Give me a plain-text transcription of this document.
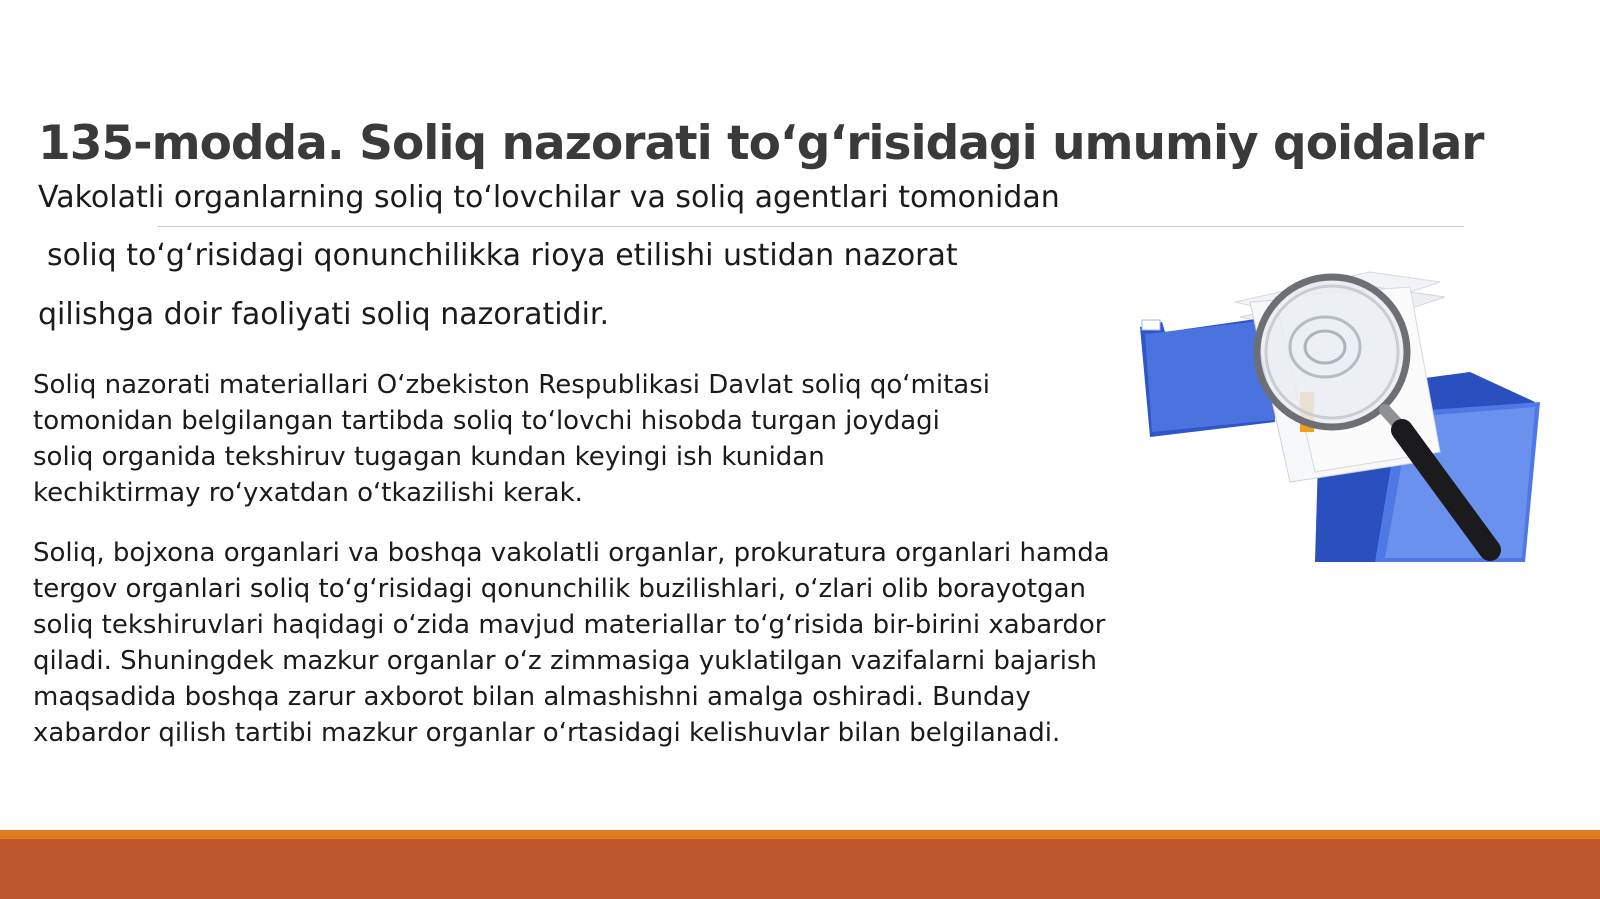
135-modda. Soliq nazorati to‘g‘risidagi umumiy qoidalar

Vakolatli organlarning soliq to‘lovchilar va soliq agentlari tomonidan

soliq to‘g‘risidagi qonunchilikka rioya etilishi ustidan nazorat

qilishga doir faoliyati soliq nazoratidir.

Soliq nazorati materiallari O‘zbekiston Respublikasi Davlat soliq qo‘mitasi
tomonidan belgilangan tartibda soliq to‘lovchi hisobda turgan joydagi
soliq organida tekshiruv tugagan kundan keyingi ish kunidan
kechiktirmay ro‘yxatdan o‘tkazilishi kerak.

Soliq, bojxona organlari va boshqa vakolatli organlar, prokuratura organlari hamda
tergov organlari soliq to‘g‘risidagi qonunchilik buzilishlari, o‘zlari olib borayotgan
soliq tekshiruvlari haqidagi o‘zida mavjud materiallar to‘g‘risida bir-birini xabardor
qiladi. Shuningdek mazkur organlar o‘z zimmasiga yuklatilgan vazifalarni bajarish
maqsadida boshqa zarur axborot bilan almashishni amalga oshiradi. Bunday
xabardor qilish tartibi mazkur organlar o‘rtasidagi kelishuvlar bilan belgilanadi.
